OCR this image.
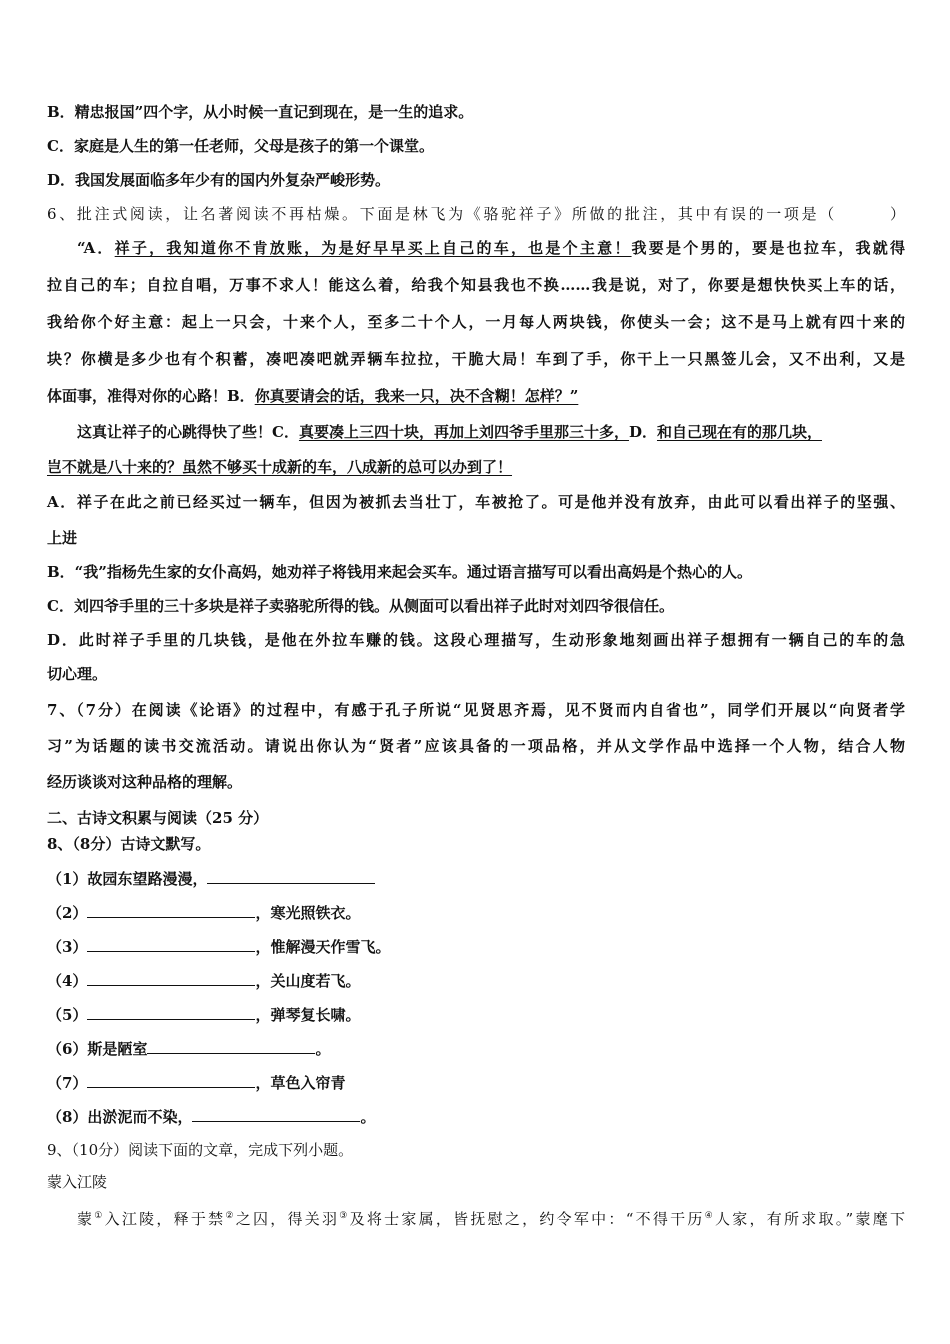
B．精忠报国”四个字，从小时候一直记到现在，是一生的追求。
C．家庭是人生的第一任老师，父母是孩子的第一个课堂。
D．我国发展面临多年少有的国内外复杂严峻形势。
6、批注式阅读，让名著阅读不再枯燥。下面是林飞为《骆驼祥子》所做的批注，其中有误的一项是（　　　）
“A．祥子，我知道你不肯放账，为是好早早买上自己的车，也是个主意！我要是个男的，要是也拉车，我就得
拉自己的车；自拉自唱，万事不求人！能这么着，给我个知县我也不换……我是说，对了，你要是想快快买上车的话，
我给你个好主意：起上一只会，十来个人，至多二十个人，一月每人两块钱，你使头一会；这不是马上就有四十来的
块？你横是多少也有个积蓄，凑吧凑吧就弄辆车拉拉，干脆大局！车到了手，你干上一只黑签儿会，又不出利，又是
体面事，准得对你的心路！B．你真要请会的话，我来一只，决不含糊！怎样？”
这真让祥子的心跳得快了些！C．真要凑上三四十块，再加上刘四爷手里那三十多，D．和自己现在有的那几块，
岂不就是八十来的？虽然不够买十成新的车，八成新的总可以办到了！
A．祥子在此之前已经买过一辆车，但因为被抓去当壮丁，车被抢了。可是他并没有放弃，由此可以看出祥子的坚强、
上进
B．“我”指杨先生家的女仆高妈，她劝祥子将钱用来起会买车。通过语言描写可以看出高妈是个热心的人。
C．刘四爷手里的三十多块是祥子卖骆驼所得的钱。从侧面可以看出祥子此时对刘四爷很信任。
D．此时祥子手里的几块钱，是他在外拉车赚的钱。这段心理描写，生动形象地刻画出祥子想拥有一辆自己的车的急
切心理。
7、（7分）在阅读《论语》的过程中，有感于孔子所说“见贤思齐焉，见不贤而内自省也”，同学们开展以“向贤者学
习”为话题的读书交流活动。请说出你认为“贤者”应该具备的一项品格，并从文学作品中选择一个人物，结合人物
经历谈谈对这种品格的理解。
二、古诗文积累与阅读（25 分）
8、（8分）古诗文默写。
（1）故园东望路漫漫，
（2）	，寒光照铁衣。
（3）	，惟解漫天作雪飞。
（4）	，关山度若飞。
（5）	，弹琴复长啸。
（6）斯是陋室	。
（7）	，草色入帘青
（8）出淤泥而不染，	。
9、（10分）阅读下面的文章，完成下列小题。
蒙入江陵
蒙①入江陵，释于禁②之囚，得关羽③及将士家属，皆抚慰之，约令军中：“不得干历④人家，有所求取。”蒙麾下
